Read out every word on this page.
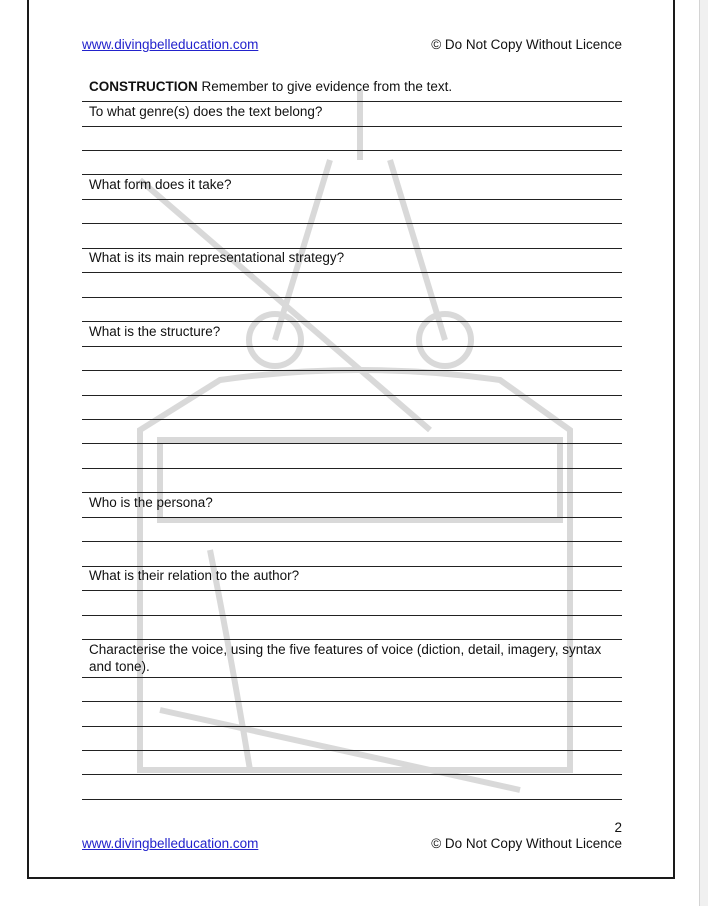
www.divingbelleducation.com	© Do Not Copy Without Licence
CONSTRUCTION Remember to give evidence from the text.
To what genre(s) does the text belong?
What form does it take?
What is its main representational strategy?
What is the structure?
Who is the persona?
What is their relation to the author?
Characterise the voice, using the five features of voice (diction, detail, imagery, syntax and tone).
2
www.divingbelleducation.com	© Do Not Copy Without Licence
